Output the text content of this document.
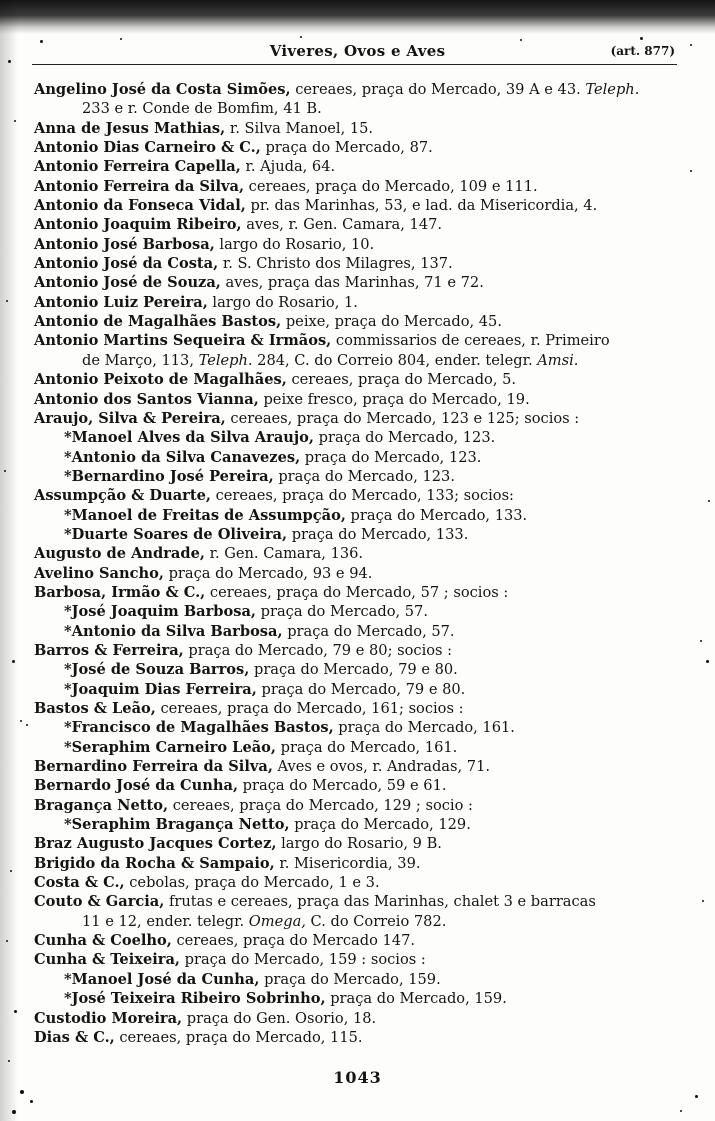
Viveres, Ovos e Aves	(art. 877)
Angelino José da Costa Simões, cereaes, praça do Mercado, 39 A e 43. Teleph.
233 e r. Conde de Bomfim, 41 B.
Anna de Jesus Mathias, r. Silva Manoel, 15.
Antonio Dias Carneiro & C., praça do Mercado, 87.
Antonio Ferreira Capella, r. Ajuda, 64.
Antonio Ferreira da Silva, cereaes, praça do Mercado, 109 e 111.
Antonio da Fonseca Vidal, pr. das Marinhas, 53, e lad. da Misericordia, 4.
Antonio Joaquim Ribeiro, aves, r. Gen. Camara, 147.
Antonio José Barbosa, largo do Rosario, 10.
Antonio José da Costa, r. S. Christo dos Milagres, 137.
Antonio José de Souza, aves, praça das Marinhas, 71 e 72.
Antonio Luiz Pereira, largo do Rosario, 1.
Antonio de Magalhães Bastos, peixe, praça do Mercado, 45.
Antonio Martins Sequeira & Irmãos, commissarios de cereaes, r. Primeiro
de Março, 113, Teleph. 284, C. do Correio 804, ender. telegr. Amsi.
Antonio Peixoto de Magalhães, cereaes, praça do Mercado, 5.
Antonio dos Santos Vianna, peixe fresco, praça do Mercado, 19.
Araujo, Silva & Pereira, cereaes, praça do Mercado, 123 e 125; socios :
*Manoel Alves da Silva Araujo, praça do Mercado, 123.
*Antonio da Silva Canavezes, praça do Mercado, 123.
*Bernardino José Pereira, praça do Mercado, 123.
Assumpção & Duarte, cereaes, praça do Mercado, 133; socios:
*Manoel de Freitas de Assumpção, praça do Mercado, 133.
*Duarte Soares de Oliveira, praça do Mercado, 133.
Augusto de Andrade, r. Gen. Camara, 136.
Avelino Sancho, praça do Mercado, 93 e 94.
Barbosa, Irmão & C., cereaes, praça do Mercado, 57 ; socios :
*José Joaquim Barbosa, praça do Mercado, 57.
*Antonio da Silva Barbosa, praça do Mercado, 57.
Barros & Ferreira, praça do Mercado, 79 e 80; socios :
*José de Souza Barros, praça do Mercado, 79 e 80.
*Joaquim Dias Ferreira, praça do Mercado, 79 e 80.
Bastos & Leão, cereaes, praça do Mercado, 161; socios :
*Francisco de Magalhães Bastos, praça do Mercado, 161.
*Seraphim Carneiro Leão, praça do Mercado, 161.
Bernardino Ferreira da Silva, Aves e ovos, r. Andradas, 71.
Bernardo José da Cunha, praça do Mercado, 59 e 61.
Bragança Netto, cereaes, praça do Mercado, 129 ; socio :
*Seraphim Bragança Netto, praça do Mercado, 129.
Braz Augusto Jacques Cortez, largo do Rosario, 9 B.
Brigido da Rocha & Sampaio, r. Misericordia, 39.
Costa & C., cebolas, praça do Mercado, 1 e 3.
Couto & Garcia, frutas e cereaes, praça das Marinhas, chalet 3 e barracas
11 e 12, ender. telegr. Omega, C. do Correio 782.
Cunha & Coelho, cereaes, praça do Mercado 147.
Cunha & Teixeira, praça do Mercado, 159 : socios :
*Manoel José da Cunha, praça do Mercado, 159.
*José Teixeira Ribeiro Sobrinho, praça do Mercado, 159.
Custodio Moreira, praça do Gen. Osorio, 18.
Dias & C., cereaes, praça do Mercado, 115.
1043
